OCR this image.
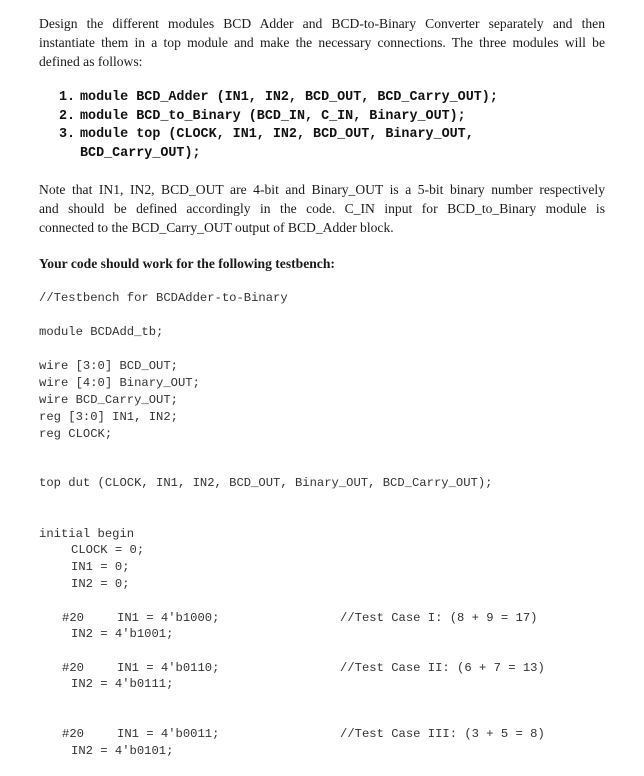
Design the different modules BCD Adder and BCD-to-Binary Converter separately and then
instantiate them in a top module and make the necessary connections. The three modules will be
defined as follows:
1. module BCD_Adder (IN1, IN2, BCD_OUT, BCD_Carry_OUT);
2. module BCD_to_Binary (BCD_IN, C_IN, Binary_OUT);
3. module top (CLOCK, IN1, IN2, BCD_OUT, Binary_OUT,
BCD_Carry_OUT);
Note that IN1, IN2, BCD_OUT are 4-bit and Binary_OUT is a 5-bit binary number respectively
and should be defined accordingly in the code. C_IN input for BCD_to_Binary module is
connected to the BCD_Carry_OUT output of BCD_Adder block.
Your code should work for the following testbench:
//Testbench for BCDAdder-to-Binary
module BCDAdd_tb;
wire [3:0] BCD_OUT;
wire [4:0] Binary_OUT;
wire BCD_Carry_OUT;
reg [3:0] IN1, IN2;
reg CLOCK;
top dut (CLOCK, IN1, IN2, BCD_OUT, Binary_OUT, BCD_Carry_OUT);
initial begin
CLOCK = 0;
IN1 = 0;
IN2 = 0;
#20	IN1 = 4'b1000;	//Test Case I: (8 + 9 = 17)
IN2 = 4'b1001;
#20	IN1 = 4'b0110;	//Test Case II: (6 + 7 = 13)
IN2 = 4'b0111;
#20	IN1 = 4'b0011;	//Test Case III: (3 + 5 = 8)
IN2 = 4'b0101;
